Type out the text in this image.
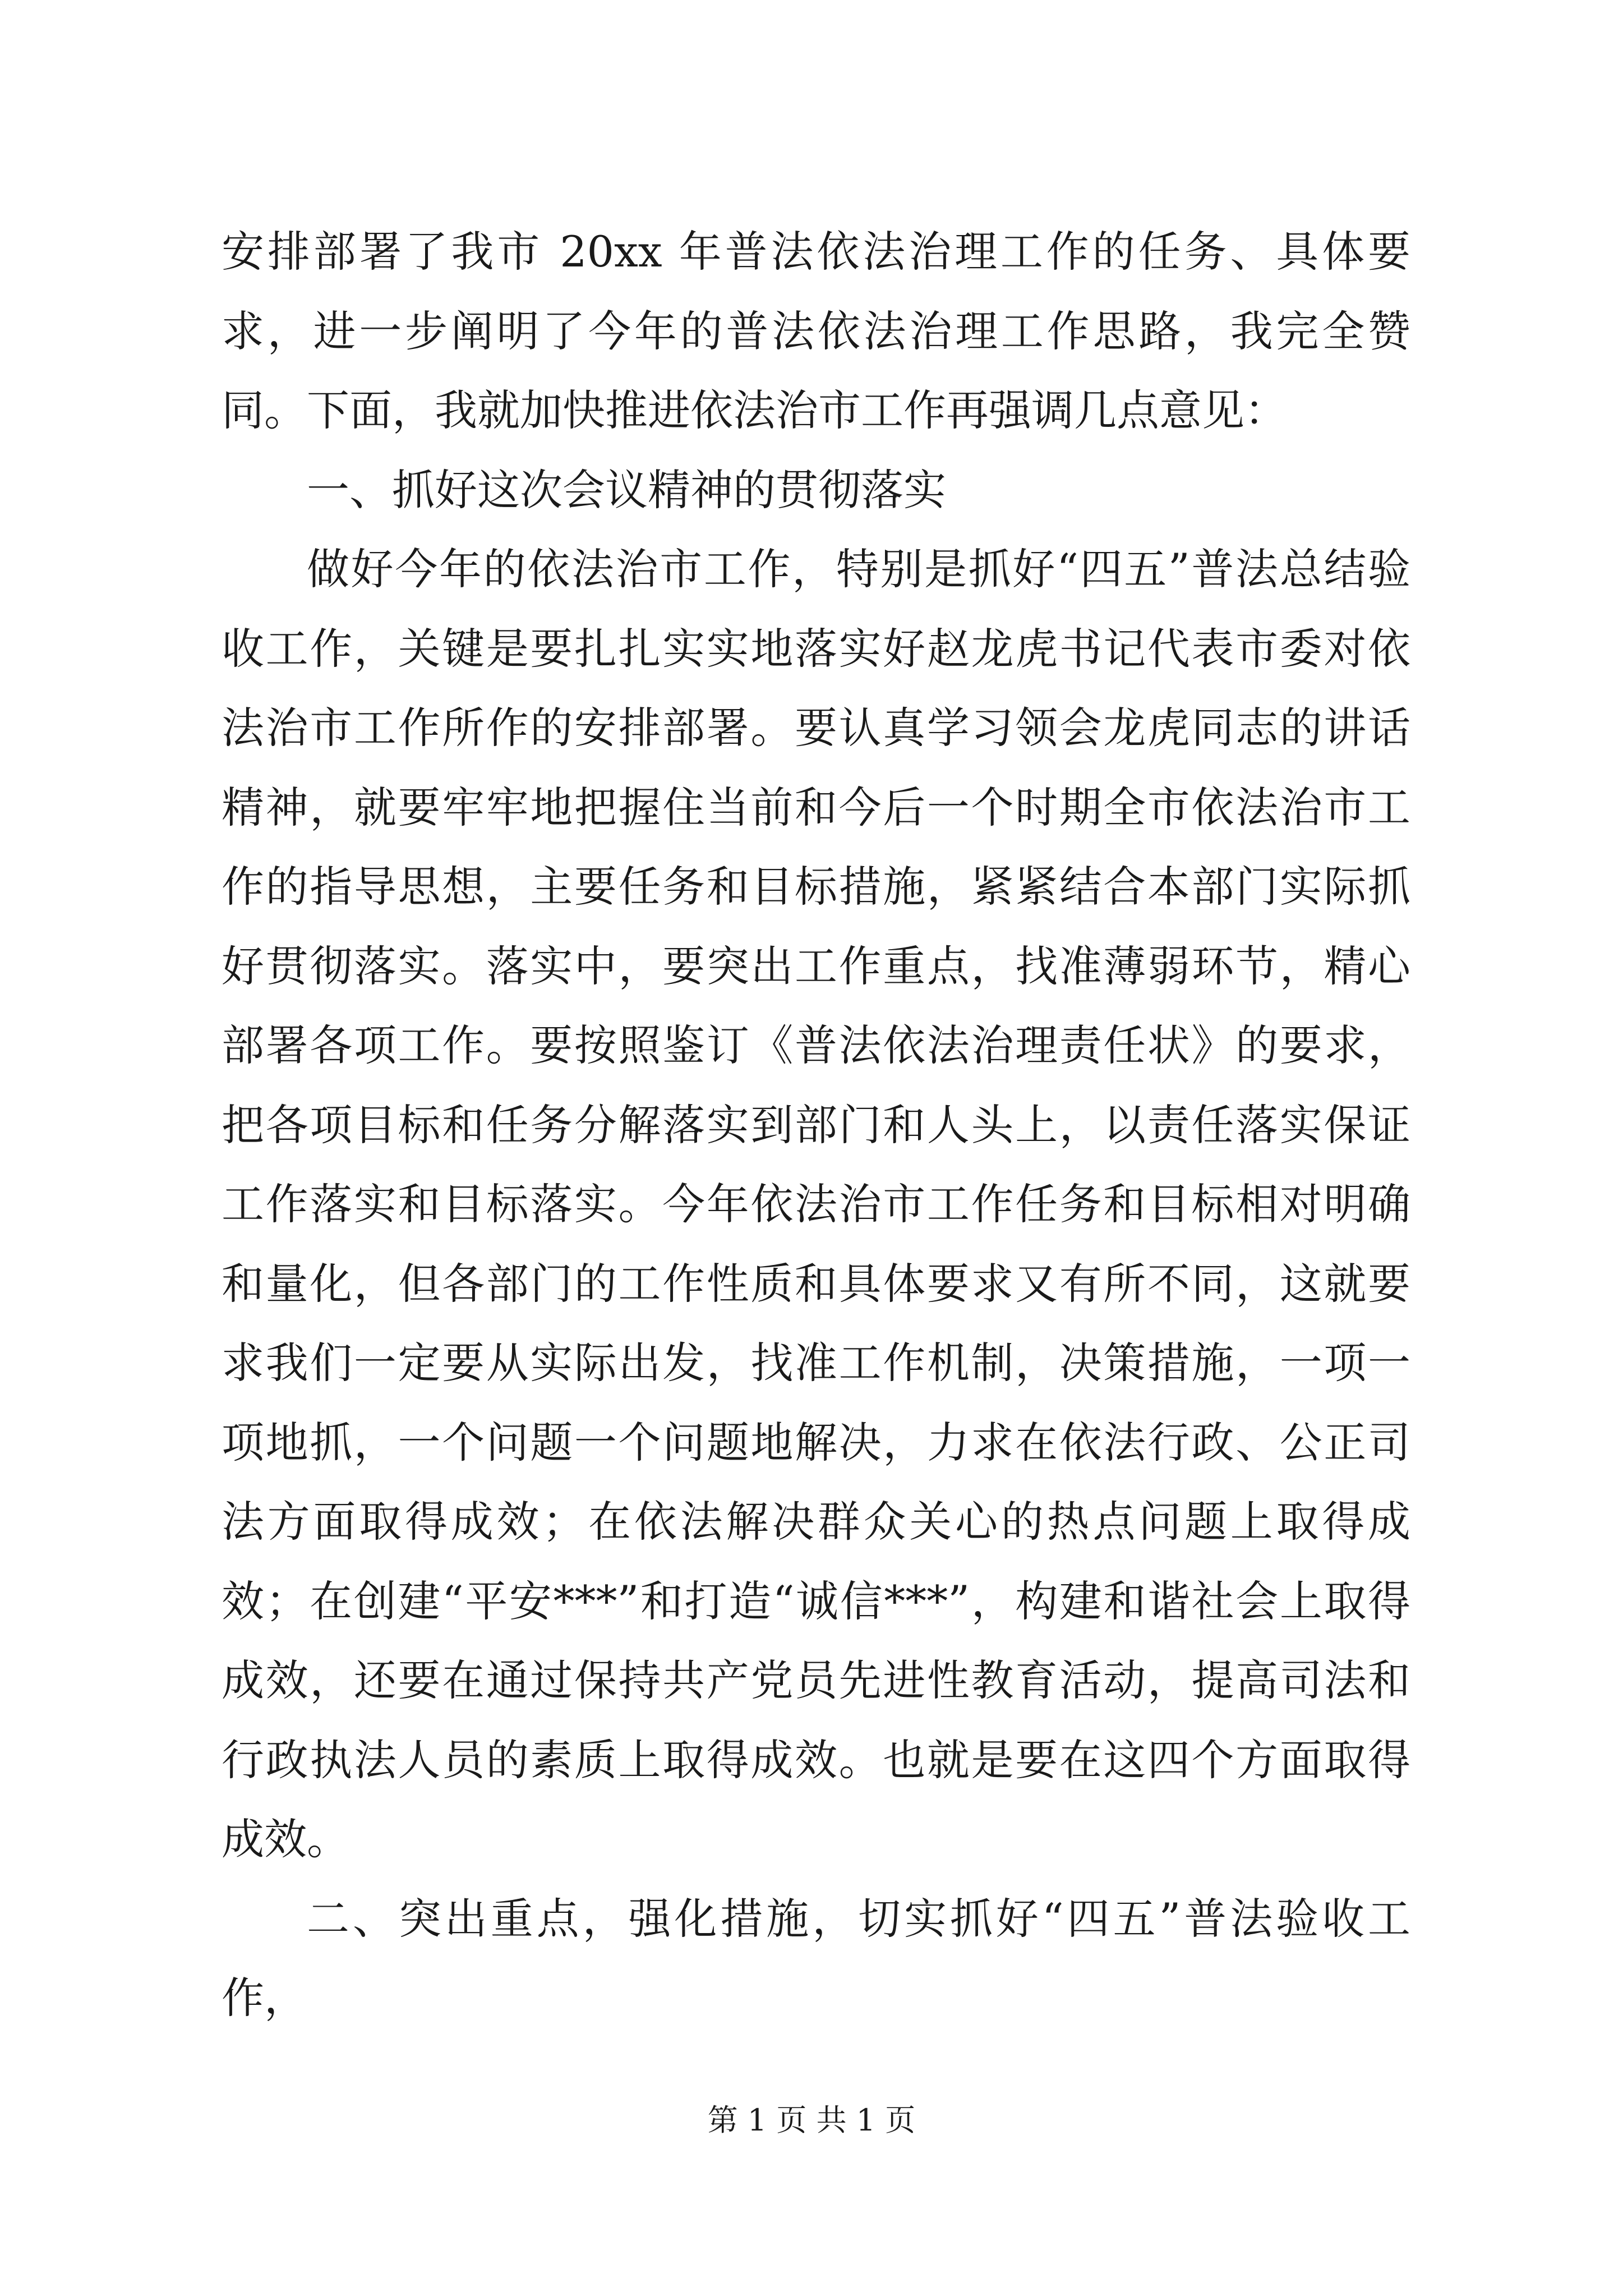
安排部署了我市 20xx 年普法依法治理工作的任务、具体要求，进一步阐明了今年的普法依法治理工作思路，我完全赞同。下面，我就加快推进依法治市工作再强调几点意见：

一、抓好这次会议精神的贯彻落实

做好今年的依法治市工作，特别是抓好“四五”普法总结验收工作，关键是要扎扎实实地落实好赵龙虎书记代表市委对依法治市工作所作的安排部署。要认真学习领会龙虎同志的讲话精神，就要牢牢地把握住当前和今后一个时期全市依法治市工作的指导思想，主要任务和目标措施，紧紧结合本部门实际抓好贯彻落实。落实中，要突出工作重点，找准薄弱环节，精心部署各项工作。要按照鉴订《普法依法治理责任状》的要求，把各项目标和任务分解落实到部门和人头上，以责任落实保证工作落实和目标落实。今年依法治市工作任务和目标相对明确和量化，但各部门的工作性质和具体要求又有所不同，这就要求我们一定要从实际出发，找准工作机制，决策措施，一项一项地抓，一个问题一个问题地解决，力求在依法行政、公正司法方面取得成效；在依法解决群众关心的热点问题上取得成效；在创建“平安***”和打造“诚信***”，构建和谐社会上取得成效，还要在通过保持共产党员先进性教育活动，提高司法和行政执法人员的素质上取得成效。也就是要在这四个方面取得成效。

二、突出重点，强化措施，切实抓好“四五”普法验收工作，

第 1 页 共 1 页
